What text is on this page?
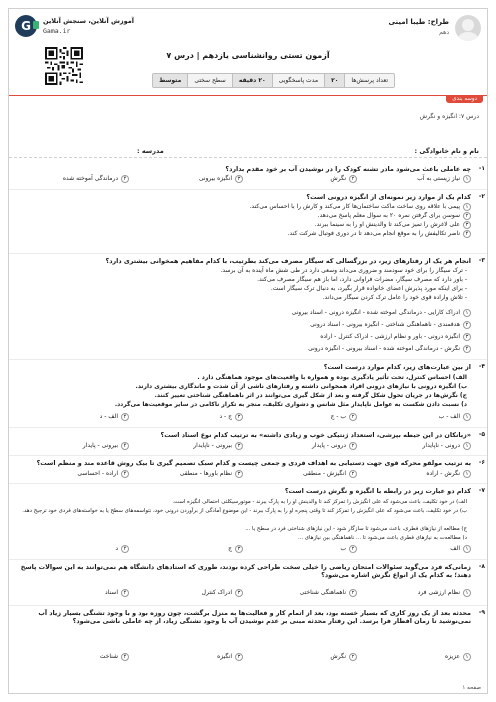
طراح: طیبا امینی
دهم
G	آموزش آنلاین، سنجش آنلاین
Gama.ir
آزمون تستی روانشناسی یازدهم | درس ۷
تعداد پرسش‌ها
۲۰
مدت پاسخگویی
۲۰ دقیقه
سطح سختی
متوسط
دوسه بندی
درس ۷: انگیزه و نگرش
نام و نام خانوادگی :
مدرسه :
۱-
چه عاملی باعث می‌شود مادر تشنه کودک را در نوشیدن آب بر خود مقدم بدارد؟
۱
نیاز زیستی به آب
۲
نگرش
۳
انگیزه بیرونی
۴
درماندگی آموخته شده
۲-
کدام یک از موارد زیر نمونه‌ای از انگیزه درونی است؟
۱
پیمی با علاقه روی ساخت ماکت ساختمان‌ها کار می‌کند و کارش را با احساس می‌کند.
۲
سوسن برای گرفتن نمره ۲۰ به سوال معلم پاسخ می‌دهد.
۳
علی لاغرش را تمیز می‌کند تا والدینش او را به سینما ببرند.
۴
ناصر تکالیفش را به موقع انجام می‌دهد تا در دوری فوتبال شرکت کند.
۳-
انجام هر یک از رفتارهای زیر، در بزرگسالی که سیگار مصرف می‌کند بطرتیب، با کدام مفاهیم همخوانی بیشتری دارد؟
- ترک سیگار را برای خود سودمند و ضروری می‌داند وسعی دارد در طی شش ماه آینده به آن برسد.
- باور دارد که مصرف سیگار، مضرات فراوانی دارد، اما باز هم سیگار مصرف می‌کند.
- برای اینکه مورد پذیرش اعضای خانواده قرار بگیرد، به دنبال ترک سیگار است.
- تلاش واراده قوی خود را عامل ترک کردن سیگار می‌داند.
۱
ادراک کارایی - درماندگی آموخته شده - انگیزه درونی - اسناد بیرونی
۲
هدفمندی - ناهماهنگی شناختی - انگیزه بیرونی - اسناد درونی
۳
انگیزه درونی - باور و نظام ارزشی - ادراک کنترل - اراده
۴
نگرش - درماندگی آموخته شده - اسناد بیرونی - انگیزه درونی
۴-
از بین عبارت‌های زیر، کدام موارد درست است؟
الف) احساس کنترل، تحت تأثیر یادگیری بوده و همواره با واقعیت‌های موجود هماهنگی دارد .
ب) انگیزه درونی با نیازهای درونی افراد همخوانی داشته و رفتارهای ناشی از آن شدت و ماندگاری بیشتری دارند.
ج) نگرش‌ها در جریان تحول شکل گرفته و بعد از شکل گیری می‌توانند در اثر ناهماهنگی شناختی تغییر کنند.
د) نسبت دادن شکست به عوامل ناپایدار مثل شانس و دشواری تکلیف، منجر به تکرار ناکامی در سایر موقعیت‌ها می‌گردد.
۱
الف - ب
۲
ب - ج
۳
ج - د
۴
الف - د
۵-
«زبانکان در این حیطه بپزشی، استعداد ژنتیکی خوب و زیادی داشته» به ترتیب کدام نوع اسناد است؟
۱
درونی - ناپایدار
۲
درونی - پایدار
۳
بیرونی - ناپایدار
۴
بیرونی - پایدار
۶-
به ترتیب مولفو محرکه قوی جهت دستیابی به اهداف فردی و جمعی چیست و کدام سبک تصمیم گیری تا بیک روش قاعده مند و منظم است؟
۱
نگرش - اراده
۲
انگیزش - منطقی
۳
نظام باورها - منطقی
۴
اراده - احساسی
۷-
کدام دو عبارت زیر در رابطه با انگیزه و نگرش درست است؟
الف) در خود تکلیف، باعث می‌شود که علی انگیزش را تمرکز کند تا والدینش او را به پارک ببرند - موتورسیکلتی احتمالی انگیزه است.
ب) در خود تکلیف، باعث می‌شود که علی انگیزش را تمرکز کند تا وقتی پنجره او را به پارک ببرند - این موضوع آمادگی از برآوردن درونی خود، نتواسمه‌های سطح یا به خواسته‌های فردی خود ترجیح دهد.
ج) مطالعه از نیازهای فطری، باعث می‌شود تا سازگار شود - این نیازهای شناختی فرد در سطح یا ...
د) مطالعه‌ت به نیازهای فطری باعث می‌شود تا ... ناهماهنگی بین نیازهای ...
۱
الف
۲
ب
۳
ج
۴
د
۸-
زمانی‌که فرد می‌گوید سئوالات امتحان ریاضی را خیلی سخت طراحی کرده بودند، طوری که استادهای دانشگاه هم نمی‌توانند به این سوالات پاسخ دهند؛ به کدام یک از انواع نگرش اشاره می‌شود؟
۱
نظام ارزشی فرد
۲
ناهماهنگی شناختی
۳
ادراک کنترل
۴
اسناد
۹-
محدثه بعد از یک روز کاری که بسیار خسته بود، بعد از اتمام کار و فعالیت‌ها به منزل برگشت، چون روزه بود و با وجود تشنگی بسیار زیاد آب نمی‌نوشید تا زمان افطار فرا برسد. این رفتار محدثه مبنی بر عدم نوشیدن آب با وجود تشنگی زیاد، از چه عاملی ناشی می‌شود؟
۱
عزیزه
۲
نگرش
۳
انگیزه
۴
شناخت
صفحه ۱
